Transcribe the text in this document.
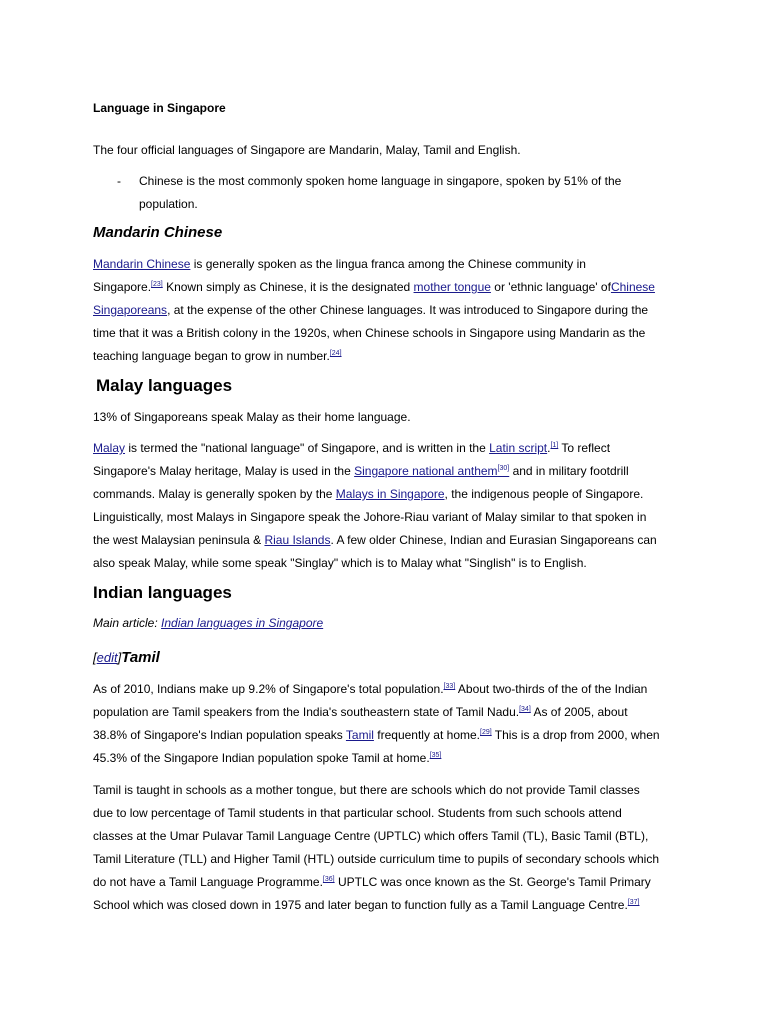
Language in Singapore

The four official languages of Singapore are Mandarin, Malay, Tamil and English.

- Chinese is the most commonly spoken home language in singapore, spoken by 51% of the
population.
Mandarin Chinese
Mandarin Chinese is generally spoken as the lingua franca among the Chinese community in
Singapore.[23] Known simply as Chinese, it is the designated mother tongue or 'ethnic language' ofChinese
Singaporeans, at the expense of the other Chinese languages. It was introduced to Singapore during the
time that it was a British colony in the 1920s, when Chinese schools in Singapore using Mandarin as the
teaching language began to grow in number.[24]
Malay languages

13% of Singaporeans speak Malay as their home language.

Malay is termed the "national language" of Singapore, and is written in the Latin script.[1] To reflect
Singapore's Malay heritage, Malay is used in the Singapore national anthem[30] and in military footdrill
commands. Malay is generally spoken by the Malays in Singapore, the indigenous people of Singapore.
Linguistically, most Malays in Singapore speak the Johore-Riau variant of Malay similar to that spoken in
the west Malaysian peninsula & Riau Islands. A few older Chinese, Indian and Eurasian Singaporeans can
also speak Malay, while some speak "Singlay" which is to Malay what "Singlish" is to English.
Indian languages

Main article: Indian languages in Singapore

[edit]Tamil
As of 2010, Indians make up 9.2% of Singapore's total population.[33] About two-thirds of the of the Indian
population are Tamil speakers from the India's southeastern state of Tamil Nadu.[34] As of 2005, about
38.8% of Singapore's Indian population speaks Tamil frequently at home.[29] This is a drop from 2000, when
45.3% of the Singapore Indian population spoke Tamil at home.[35]
Tamil is taught in schools as a mother tongue, but there are schools which do not provide Tamil classes
due to low percentage of Tamil students in that particular school. Students from such schools attend
classes at the Umar Pulavar Tamil Language Centre (UPTLC) which offers Tamil (TL), Basic Tamil (BTL),
Tamil Literature (TLL) and Higher Tamil (HTL) outside curriculum time to pupils of secondary schools which
do not have a Tamil Language Programme.[36] UPTLC was once known as the St. George's Tamil Primary
School which was closed down in 1975 and later began to function fully as a Tamil Language Centre.[37]
